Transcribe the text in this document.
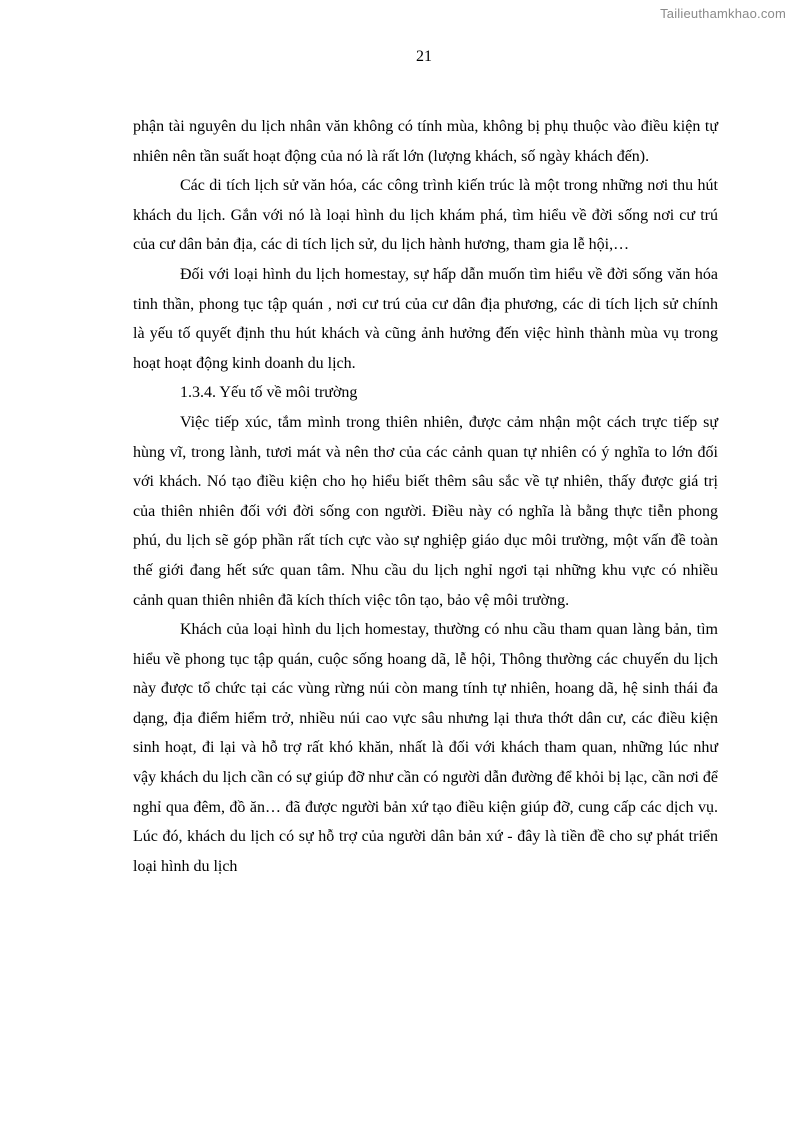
Tailieuthamkhao.com
21

phận tài nguyên du lịch nhân văn không có tính mùa, không bị phụ thuộc vào điều kiện tự nhiên nên tần suất hoạt động của nó là rất lớn (lượng khách, số ngày khách đến).

Các di tích lịch sử văn hóa, các công trình kiến trúc là một trong những nơi thu hút khách du lịch. Gắn với nó là loại hình du lịch khám phá, tìm hiểu về đời sống nơi cư trú của cư dân bản địa, các di tích lịch sử, du lịch hành hương, tham gia lễ hội,…

Đối với loại hình du lịch homestay, sự hấp dẫn muốn tìm hiểu về đời sống văn hóa tinh thần, phong tục tập quán , nơi cư trú của cư dân địa phương, các di tích lịch sử chính là yếu tố quyết định thu hút khách và cũng ảnh hưởng đến việc hình thành mùa vụ trong hoạt hoạt động kinh doanh du lịch.

1.3.4. Yếu tố về môi trường

Việc tiếp xúc, tắm mình trong thiên nhiên, được cảm nhận một cách trực tiếp sự hùng vĩ, trong lành, tươi mát và nên thơ của các cảnh quan tự nhiên có ý nghĩa to lớn đối với khách. Nó tạo điều kiện cho họ hiểu biết thêm sâu sắc về tự nhiên, thấy được giá trị của thiên nhiên đối với đời sống con người. Điều này có nghĩa là bằng thực tiễn phong phú, du lịch sẽ góp phần rất tích cực vào sự nghiệp giáo dục môi trường, một vấn đề toàn thế giới đang hết sức quan tâm. Nhu cầu du lịch nghỉ ngơi tại những khu vực có nhiều cảnh quan thiên nhiên đã kích thích việc tôn tạo, bảo vệ môi trường.

Khách của loại hình du lịch homestay, thường có nhu cầu tham quan làng bản, tìm hiểu về phong tục tập quán, cuộc sống hoang dã, lễ hội, Thông thường các chuyến du lịch này được tổ chức tại các vùng rừng núi còn mang tính tự nhiên, hoang dã, hệ sinh thái đa dạng, địa điểm hiểm trở, nhiều núi cao vực sâu nhưng lại thưa thớt dân cư, các điều kiện sinh hoạt, đi lại và hỗ trợ rất khó khăn, nhất là đối với khách tham quan, những lúc như vậy khách du lịch cần có sự giúp đỡ như cần có người dẫn đường để khỏi bị lạc, cần nơi để nghỉ qua đêm, đồ ăn… đã được người bản xứ tạo điều kiện giúp đỡ, cung cấp các dịch vụ. Lúc đó, khách du lịch có sự hỗ trợ của người dân bản xứ - đây là tiền đề cho sự phát triển loại hình du lịch
